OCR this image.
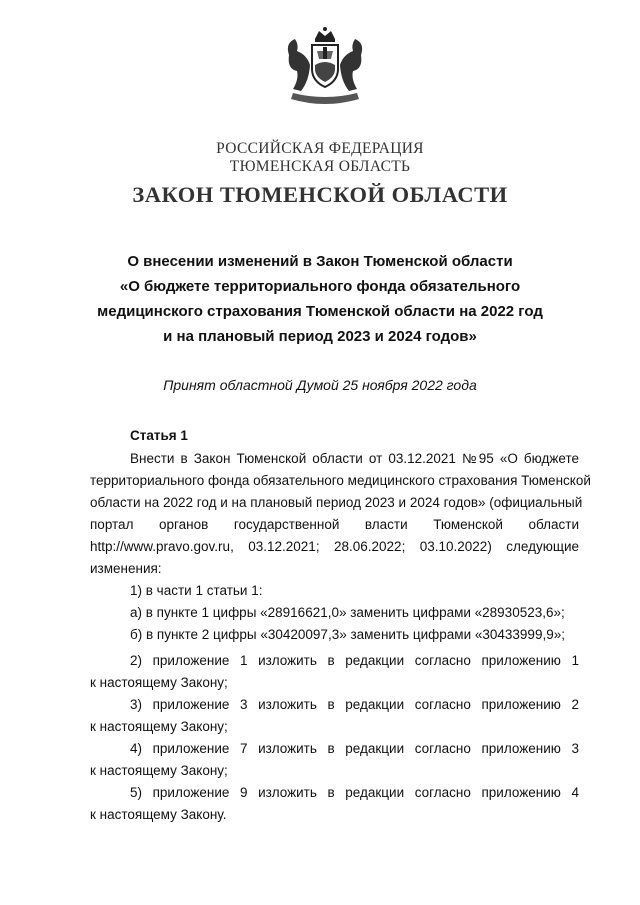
РОССИЙСКАЯ ФЕДЕРАЦИЯ
ТЮМЕНСКАЯ ОБЛАСТЬ
ЗАКОН ТЮМЕНСКОЙ ОБЛАСТИ
О внесении изменений в Закон Тюменской области
«О бюджете территориального фонда обязательного
медицинского страхования Тюменской области на 2022 год
и на плановый период 2023 и 2024 годов»
Принят областной Думой 25 ноября 2022 года
Статья 1
Внести в Закон Тюменской области от 03.12.2021 №95 «О бюджете
территориального фонда обязательного медицинского страхования Тюменской
области на 2022 год и на плановый период 2023 и 2024 годов» (официальный
портал органов государственной власти Тюменской области
http://www.pravo.gov.ru, 03.12.2021; 28.06.2022; 03.10.2022) следующие
изменения:
1) в части 1 статьи 1:
а) в пункте 1 цифры «28916621,0» заменить цифрами «28930523,6»;
б) в пункте 2 цифры «30420097,3» заменить цифрами «30433999,9»;
2) приложение 1 изложить в редакции согласно приложению 1
к настоящему Закону;
3) приложение 3 изложить в редакции согласно приложению 2
к настоящему Закону;
4) приложение 7 изложить в редакции согласно приложению 3
к настоящему Закону;
5) приложение 9 изложить в редакции согласно приложению 4
к настоящему Закону.
